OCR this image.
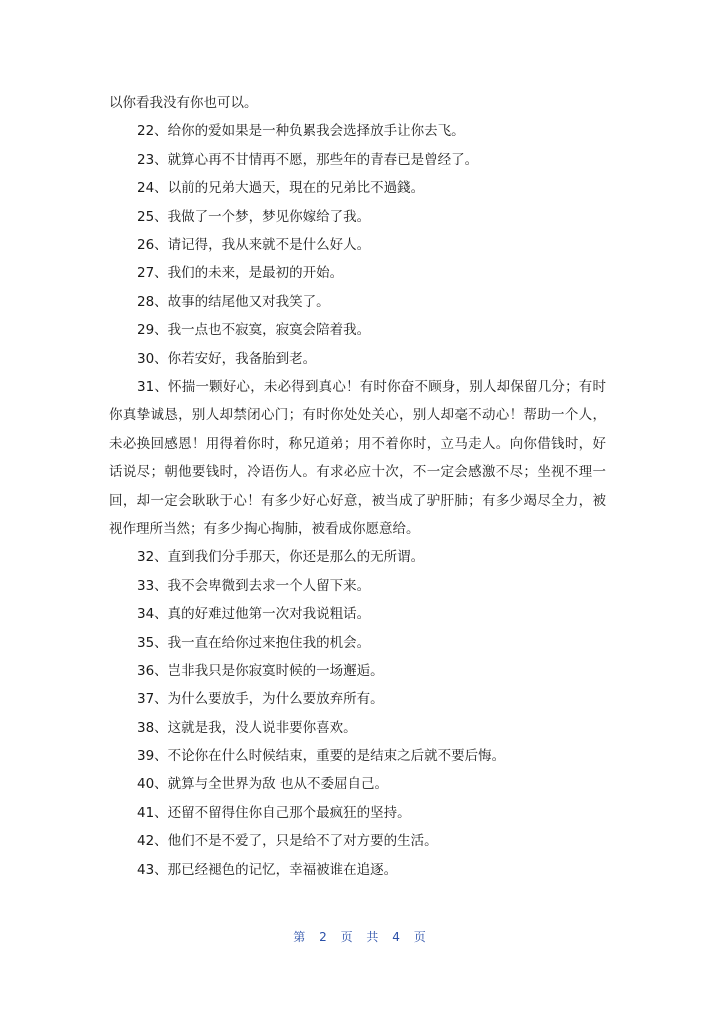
以你看我没有你也可以。
22、给你的爱如果是一种负累我会选择放手让你去飞。
23、就算心再不甘情再不愿，那些年的青春已是曾经了。
24、以前的兄弟大過天，現在的兄弟比不過錢。
25、我做了一个梦，梦见你嫁给了我。
26、请记得，我从来就不是什么好人。
27、我们的未来，是最初的开始。
28、故事的结尾他又对我笑了。
29、我一点也不寂寞，寂寞会陪着我。
30、你若安好，我备胎到老。
31、怀揣一颗好心，未必得到真心！有时你奋不顾身，别人却保留几分；有时你真挚诚恳，别人却禁闭心门；有时你处处关心，别人却毫不动心！帮助一个人，未必换回感恩！用得着你时，称兄道弟；用不着你时，立马走人。向你借钱时，好话说尽；朝他要钱时，冷语伤人。有求必应十次，不一定会感激不尽；坐视不理一回，却一定会耿耿于心！有多少好心好意，被当成了驴肝肺；有多少竭尽全力，被视作理所当然；有多少掏心掏肺，被看成你愿意给。
32、直到我们分手那天，你还是那么的无所谓。
33、我不会卑微到去求一个人留下来。
34、真的好难过他第一次对我说粗话。
35、我一直在给你过来抱住我的机会。
36、岂非我只是你寂寞时候的一场邂逅。
37、为什么要放手，为什么要放弃所有。
38、这就是我，没人说非要你喜欢。
39、不论你在什么时候结束，重要的是结束之后就不要后悔。
40、就算与全世界为敌 也从不委屈自己。
41、还留不留得住你自己那个最疯狂的坚持。
42、他们不是不爱了，只是给不了对方要的生活。
43、那已经褪色的记忆，幸福被谁在追逐。
第 2 页 共 4 页
